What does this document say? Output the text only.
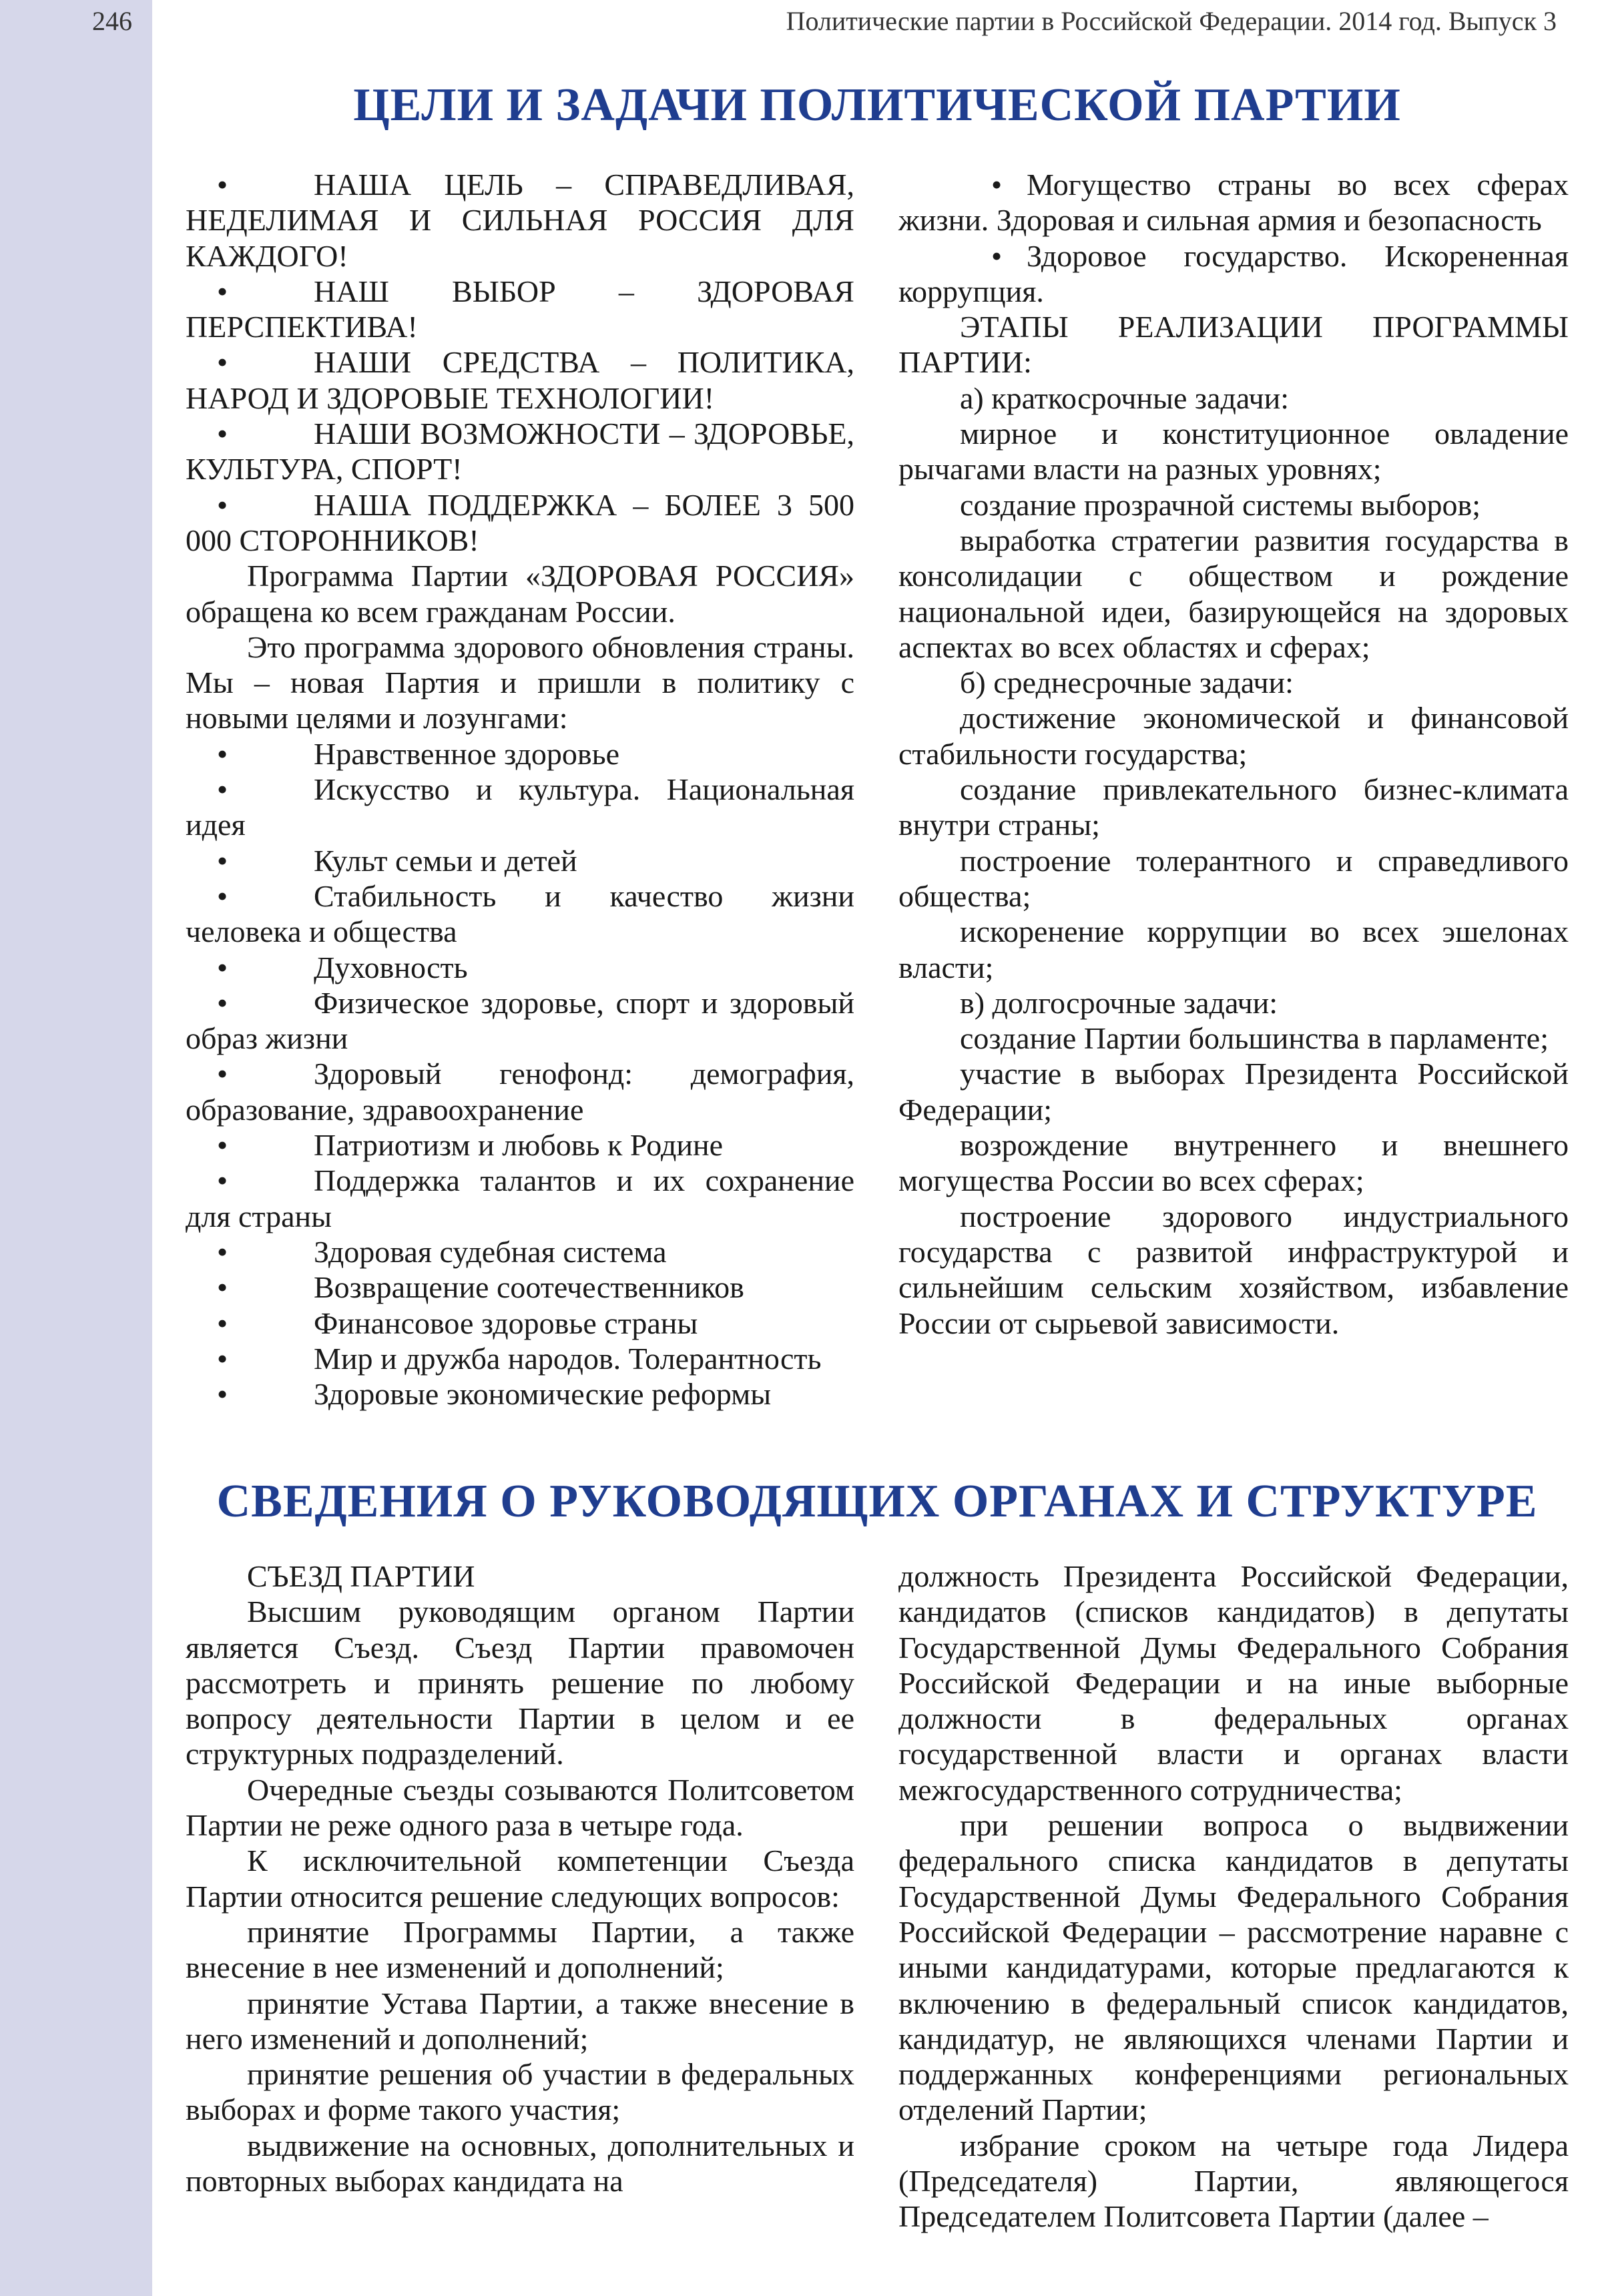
246	Политические партии в Российской Федерации. 2014 год. Выпуск 3
ЦЕЛИ И ЗАДАЧИ ПОЛИТИЧЕСКОЙ ПАРТИИ

•	НАША ЦЕЛЬ – СПРАВЕДЛИВАЯ, НЕДЕЛИМАЯ И СИЛЬНАЯ РОССИЯ ДЛЯ КАЖДОГО!

•	НАШ ВЫБОР – ЗДОРОВАЯ ПЕРСПЕКТИВА!

•	НАШИ СРЕДСТВА – ПОЛИТИКА, НАРОД И ЗДОРОВЫЕ ТЕХНОЛОГИИ!

•	НАШИ ВОЗМОЖНОСТИ – ЗДОРОВЬЕ, КУЛЬТУРА, СПОРТ!

•	НАША ПОДДЕРЖКА – БОЛЕЕ 3 500 000 СТОРОННИКОВ!

Программа Партии «ЗДОРОВАЯ РОССИЯ» обращена ко всем гражданам России.

Это программа здорового обновления страны. Мы – новая Партия и пришли в политику с новыми целями и лозунгами:

•	Нравственное здоровье

•	Искусство и культура. Национальная идея

•	Культ семьи и детей

•	Стабильность и качество жизни человека и общества

•	Духовность

•	Физическое здоровье, спорт и здоровый образ жизни

•	Здоровый генофонд: демография, образование, здравоохранение

•	Патриотизм и любовь к Родине

•	Поддержка талантов и их сохранение для страны

•	Здоровая судебная система

•	Возвращение соотечественников

•	Финансовое здоровье страны

•	Мир и дружба народов. Толерантность

•	Здоровые экономические реформы

• Могущество страны во всех сферах жизни. Здоровая и сильная армия и безопасность

• Здоровое государство. Искорененная коррупция.

ЭТАПЫ РЕАЛИЗАЦИИ ПРОГРАММЫ ПАРТИИ:

а) краткосрочные задачи:

мирное и конституционное овладение рычагами власти на разных уровнях;

создание прозрачной системы выборов;

выработка стратегии развития государства в консолидации с обществом и рождение национальной идеи, базирующейся на здоровых аспектах во всех областях и сферах;

б) среднесрочные задачи:

достижение экономической и финансовой стабильности государства;

создание привлекательного бизнес-климата внутри страны;

построение толерантного и справедливого общества;

искоренение коррупции во всех эшелонах власти;

в) долгосрочные задачи:

создание Партии большинства в парламенте;

участие в выборах Президента Российской Федерации;

возрождение внутреннего и внешнего могущества России во всех сферах;

построение здорового индустриального государства с развитой инфраструктурой и сильнейшим сельским хозяйством, избавление России от сырьевой зависимости.

СВЕДЕНИЯ О РУКОВОДЯЩИХ ОРГАНАХ И СТРУКТУРЕ

СЪЕЗД ПАРТИИ

Высшим руководящим органом Партии является Съезд. Съезд Партии правомочен рассмотреть и принять решение по любому вопросу деятельности Партии в целом и ее структурных подразделений.

Очередные съезды созываются Политсоветом Партии не реже одного раза в четыре года.

К исключительной компетенции Съезда Партии относится решение следующих вопросов:

принятие Программы Партии, а также внесение в нее изменений и дополнений;

принятие Устава Партии, а также внесение в него изменений и дополнений;

принятие решения об участии в федеральных выборах и форме такого участия;

выдвижение на основных, дополнительных и повторных выборах кандидата на

должность Президента Российской Федерации, кандидатов (списков кандидатов) в депутаты Государственной Думы Федерального Собрания Российской Федерации и на иные выборные должности в федеральных органах государственной власти и органах власти межгосударственного сотрудничества;

при решении вопроса о выдвижении федерального списка кандидатов в депутаты Государственной Думы Федерального Собрания Российской Федерации – рассмотрение наравне с иными кандидатурами, которые предлагаются к включению в федеральный список кандидатов, кандидатур, не являющихся членами Партии и поддержанных конференциями региональных отделений Партии;

избрание сроком на четыре года Лидера (Председателя) Партии, являющегося Председателем Политсовета Партии (далее –
